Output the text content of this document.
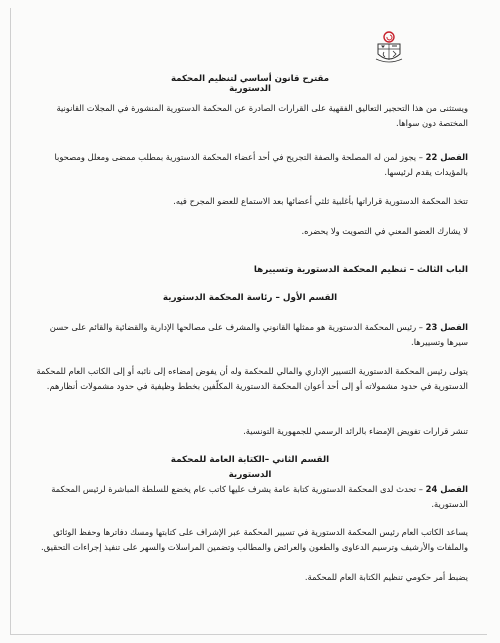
مقترح قانون أساسي لتنظيم المحكمة الدستورية

ويستثنى من هذا التحجير التعاليق الفقهية على القرارات الصادرة عن المحكمة الدستورية المنشورة في المجلات القانونية المختصة دون سواها.

الفصل 22 – يجوز لمن له المصلحة والصفة التجريح في أحد أعضاء المحكمة الدستورية بمطلب ممضى ومعلل ومصحوبا بالمؤيدات يقدم لرئيسها.

تتخذ المحكمة الدستورية قراراتها بأغلبية ثلثي أعضائها بعد الاستماع للعضو المجرح فيه.

لا يشارك العضو المعني في التصويت ولا يحضره.

الباب الثالث – تنظيم المحكمة الدستورية وتسييرها

القسم الأول – رئاسة المحكمة الدستورية

الفصل 23 – رئيس المحكمة الدستورية هو ممثلها القانوني والمشرف على مصالحها الإدارية والقضائية والقائم على حسن سيرها وتسييرها.

يتولى رئيس المحكمة الدستورية التسيير الإداري والمالي للمحكمة وله أن يفوض إمضاءه إلى نائبه أو إلى الكاتب العام للمحكمة الدستورية في حدود مشمولاته أو إلى أحد أعوان المحكمة الدستورية المكلّفين بخطط وظيفية في حدود مشمولات أنظارهم.

تنشر قرارات تفويض الإمضاء بالرائد الرسمي للجمهورية التونسية.

القسم الثاني –الكتابة العامة للمحكمة الدستورية

الفصل 24 – تحدث لدى المحكمة الدستورية كتابة عامة يشرف عليها كاتب عام يخضع للسلطة المباشرة لرئيس المحكمة الدستورية.

يساعد الكاتب العام رئيس المحكمة الدستورية في تسيير المحكمة عبر الإشراف على كتابتها ومسك دفاترها وحفظ الوثائق والملفات والأرشيف وترسيم الدعاوى والطعون والعرائض والمطالب وتضمين المراسلات والسهر على تنفيذ إجراءات التحقيق.

يضبط أمر حكومي تنظيم الكتابة العام للمحكمة.
